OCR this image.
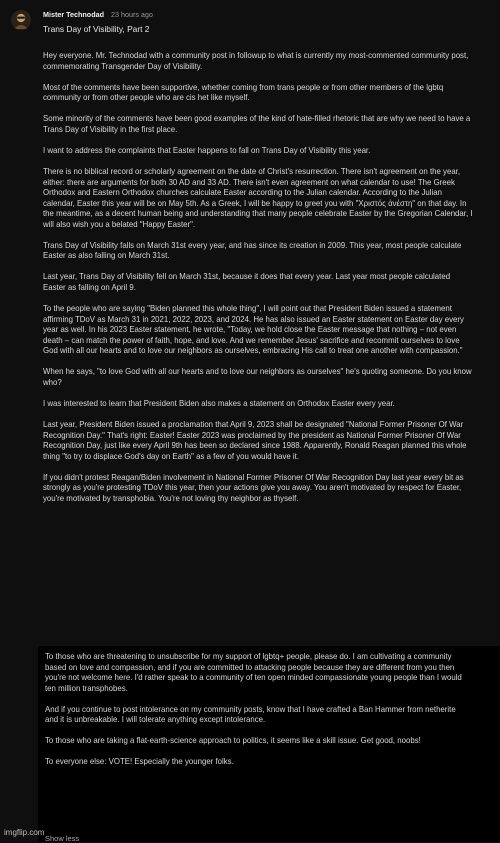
Mister Technodad 23 hours ago
Trans Day of Visibility, Part 2

Hey everyone. Mr. Technodad with a community post in followup to what is currently my most-commented community post, commemorating Transgender Day of Visibility.

Most of the comments have been supportive, whether coming from trans people or from other members of the lgbtq community or from other people who are cis het like myself.

Some minority of the comments have been good examples of the kind of hate-filled rhetoric that are why we need to have a Trans Day of Visibility in the first place.

I want to address the complaints that Easter happens to fall on Trans Day of Visibility this year.

There is no biblical record or scholarly agreement on the date of Christ's resurrection. There isn't agreement on the year, either: there are arguments for both 30 AD and 33 AD. There isn't even agreement on what calendar to use! The Greek Orthodox and Eastern Orthodox churches calculate Easter according to the Julian calendar. According to the Julian calendar, Easter this year will be on May 5th. As a Greek, I will be happy to greet you with "Χριστός ἀνέστη" on that day. In the meantime, as a decent human being and understanding that many people celebrate Easter by the Gregorian Calendar, I will also wish you a belated "Happy Easter".

Trans Day of Visibility falls on March 31st every year, and has since its creation in 2009. This year, most people calculate Easter as also falling on March 31st.

Last year, Trans Day of Visibility fell on March 31st, because it does that every year. Last year most people calculated Easter as falling on April 9.

To the people who are saying "Biden planned this whole thing", I will point out that President Biden issued a statement affirming TDoV as March 31 in 2021, 2022, 2023, and 2024. He has also issued an Easter statement on Easter day every year as well. In his 2023 Easter statement, he wrote, "Today, we hold close the Easter message that nothing – not even death – can match the power of faith, hope, and love. And we remember Jesus' sacrifice and recommit ourselves to love God with all our hearts and to love our neighbors as ourselves, embracing His call to treat one another with compassion."

When he says, "to love God with all our hearts and to love our neighbors as ourselves" he's quoting someone. Do you know who?

I was interested to learn that President Biden also makes a statement on Orthodox Easter every year.

Last year, President Biden issued a proclamation that April 9, 2023 shall be designated "National Former Prisoner Of War Recognition Day." That's right: Easter! Easter 2023 was proclaimed by the president as National Former Prisoner Of War Recognition Day, just like every April 9th has been so declared since 1988. Apparently, Ronald Reagan planned this whole thing "to try to displace God's day on Earth" as a few of you would have it.

If you didn't protest Reagan/Biden involvement in National Former Prisoner Of War Recognition Day last year every bit as strongly as you're protesting TDoV this year, then your actions give you away. You aren't motivated by respect for Easter, you're motivated by transphobia. You're not loving thy neighbor as thyself.

To those who are threatening to unsubscribe for my support of lgbtq+ people, please do. I am cultivating a community based on love and compassion, and if you are committed to attacking people because they are different from you then you're not welcome here. I'd rather speak to a community of ten open minded compassionate young people than I would ten million transphobes.

And if you continue to post intolerance on my community posts, know that I have crafted a Ban Hammer from netherite and it is unbreakable. I will tolerate anything except intolerance.

To those who are taking a flat-earth-science approach to politics, it seems like a skill issue. Get good, noobs!

To everyone else: VOTE! Especially the younger folks.

Show less
imgflip.com
